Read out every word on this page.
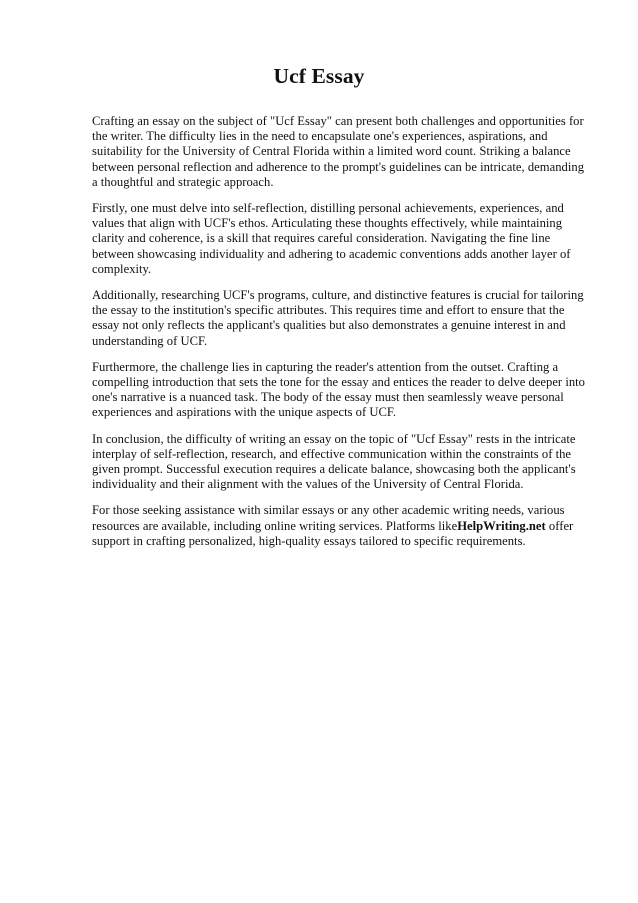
Ucf Essay

Crafting an essay on the subject of "Ucf Essay" can present both challenges and opportunities for the writer. The difficulty lies in the need to encapsulate one's experiences, aspirations, and suitability for the University of Central Florida within a limited word count. Striking a balance between personal reflection and adherence to the prompt's guidelines can be intricate, demanding a thoughtful and strategic approach.

Firstly, one must delve into self-reflection, distilling personal achievements, experiences, and values that align with UCF's ethos. Articulating these thoughts effectively, while maintaining clarity and coherence, is a skill that requires careful consideration. Navigating the fine line between showcasing individuality and adhering to academic conventions adds another layer of complexity.

Additionally, researching UCF's programs, culture, and distinctive features is crucial for tailoring the essay to the institution's specific attributes. This requires time and effort to ensure that the essay not only reflects the applicant's qualities but also demonstrates a genuine interest in and understanding of UCF.

Furthermore, the challenge lies in capturing the reader's attention from the outset. Crafting a compelling introduction that sets the tone for the essay and entices the reader to delve deeper into one's narrative is a nuanced task. The body of the essay must then seamlessly weave personal experiences and aspirations with the unique aspects of UCF.

In conclusion, the difficulty of writing an essay on the topic of "Ucf Essay" rests in the intricate interplay of self-reflection, research, and effective communication within the constraints of the given prompt. Successful execution requires a delicate balance, showcasing both the applicant's individuality and their alignment with the values of the University of Central Florida.

For those seeking assistance with similar essays or any other academic writing needs, various resources are available, including online writing services. Platforms likeHelpWriting.net offer support in crafting personalized, high-quality essays tailored to specific requirements.
